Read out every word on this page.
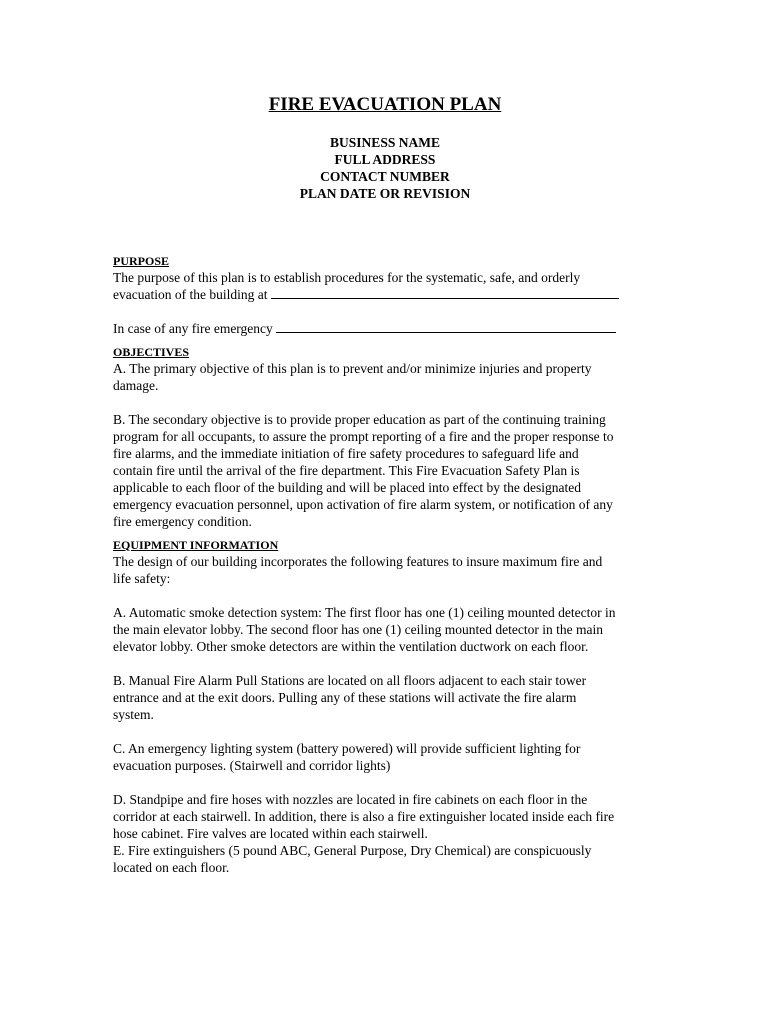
FIRE EVACUATION PLAN
BUSINESS NAME
FULL ADDRESS
CONTACT NUMBER
PLAN DATE OR REVISION
PURPOSE

The purpose of this plan is to establish procedures for the systematic, safe, and orderly

evacuation of the building at

In case of any fire emergency

OBJECTIVES

A. The primary objective of this plan is to prevent and/or minimize injuries and property

damage.

B. The secondary objective is to provide proper education as part of the continuing training

program for all occupants, to assure the prompt reporting of a fire and the proper response to

fire alarms, and the immediate initiation of fire safety procedures to safeguard life and

contain fire until the arrival of the fire department. This Fire Evacuation Safety Plan is

applicable to each floor of the building and will be placed into effect by the designated

emergency evacuation personnel, upon activation of fire alarm system, or notification of any

fire emergency condition.

EQUIPMENT INFORMATION

The design of our building incorporates the following features to insure maximum fire and

life safety:

A. Automatic smoke detection system: The first floor has one (1) ceiling mounted detector in

the main elevator lobby. The second floor has one (1) ceiling mounted detector in the main

elevator lobby. Other smoke detectors are within the ventilation ductwork on each floor.

B. Manual Fire Alarm Pull Stations are located on all floors adjacent to each stair tower

entrance and at the exit doors. Pulling any of these stations will activate the fire alarm

system.

C. An emergency lighting system (battery powered) will provide sufficient lighting for

evacuation purposes. (Stairwell and corridor lights)

D. Standpipe and fire hoses with nozzles are located in fire cabinets on each floor in the

corridor at each stairwell. In addition, there is also a fire extinguisher located inside each fire

hose cabinet. Fire valves are located within each stairwell.

E. Fire extinguishers (5 pound ABC, General Purpose, Dry Chemical) are conspicuously

located on each floor.
